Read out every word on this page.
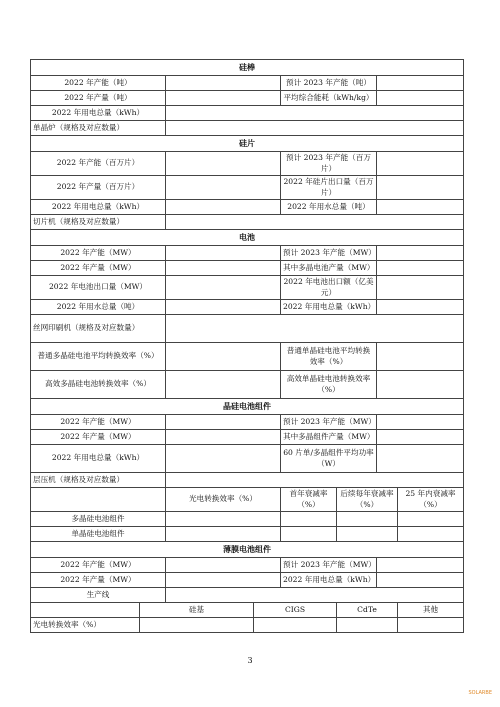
硅棒							
2022 年产能（吨）				预计 2023 年产能（吨）			
2022 年产量（吨）				平均综合能耗（kWh/kg）			
2022 年用电总量（kWh）							
单晶炉（规格及对应数量）							
硅片							
2022 年产能（百万片）				预计 2023 年产能（百万片）			
2022 年产量（百万片）				2022 年硅片出口量（百万片）			
2022 年用电总量（kWh）				2022 年用水总量（吨）			
切片机（规格及对应数量）							
电池							
2022 年产能（MW）				预计 2023 年产能（MW）			
2022 年产量（MW）				其中多晶电池产量（MW）			
2022 年电池出口量（MW）				2022 年电池出口额（亿美元）			
2022 年用水总量（吨）				2022 年用电总量（kWh）			
丝网印刷机（规格及对应数量）							
普通多晶硅电池平均转换效率（%）				普通单晶硅电池平均转换效率（%）			
高效多晶硅电池转换效率（%）				高效单晶硅电池转换效率（%）			
晶硅电池组件							
2022 年产能（MW）				预计 2023 年产能（MW）			
2022 年产量（MW）				其中多晶组件产量（MW）			
2022 年用电总量（kWh）				60 片单/多晶组件平均功率（W）			
层压机（规格及对应数量）							
		光电转换效率（%）		首年衰减率（%）	后续每年衰减率（%）		25 年内衰减率（%）
多晶硅电池组件							
单晶硅电池组件							
薄膜电池组件							
2022 年产能（MW）				预计 2023 年产能（MW）			
2022 年产量（MW）				2022 年用电总量（kWh）			
生产线							
	硅基		CIGS		CdTe		其他
光电转换效率（%）							
3
SOLARBE
